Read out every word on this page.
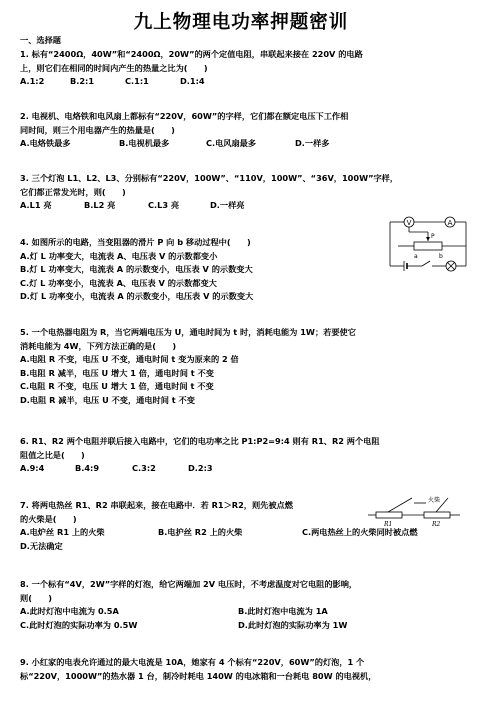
九上物理电功率押题密训
一、选择题
1. 标有“2400Ω，40W”和“2400Ω，20W”的两个定值电阻，串联起来接在 220V 的电路
上，则它们在相同的时间内产生的热量之比为(　　)
A.1:2	B.2:1	C.1:1	D.1:4
2. 电视机、电烙铁和电风扇上都标有“220V，60W”的字样，它们都在额定电压下工作相
同时间，则三个用电器产生的热量是(　　)
A.电烙铁最多	B.电视机最多	C.电风扇最多	D.一样多
3. 三个灯泡 L1、L2、L3、分别标有“220V，100W”、“110V，100W”、“36V，100W”字样，
它们都正常发光时，则(　　)
A.L1 亮	B.L2 亮	C.L3 亮	D.一样亮
4. 如图所示的电路，当变阻器的滑片 P 向 b 移动过程中(　　)
A.灯 L 功率变大，电流表 A、电压表 V 的示数都变小
B.灯 L 功率变大，电流表 A 的示数变小，电压表 V 的示数变大
C.灯 L 功率变小，电流表 A、电压表 V 的示数都变大
D.灯 L 功率变小，电流表 A 的示数变小，电压表 V 的示数变大
V	A
P
a	b
5. 一个电热器电阻为 R，当它两端电压为 U，通电时间为 t 时，消耗电能为 1W；若要使它
消耗电能为 4W，下列方法正确的是(　　)
A.电阻 R 不变，电压 U 不变，通电时间 t 变为原来的 2 倍
B.电阻 R 减半，电压 U 增大 1 倍，通电时间 t 不变
C.电阻 R 不变，电压 U 增大 1 倍，通电时间 t 不变
D.电阻 R 减半，电压 U 不变，通电时间 t 不变
6. R1、R2 两个电阻并联后接入电路中，它们的电功率之比 P1:P2=9:4 则有 R1、R2 两个电阻
阻值之比是(　　)
A.9:4	B.4:9	C.3:2	D.2:3
7. 将两电热丝 R1、R2 串联起来，接在电路中．若 R1＞R2，则先被点燃
的火柴是(　　)
A.电炉丝 R1 上的火柴	B.电护丝 R2 上的火柴	C.两电热丝上的火柴同时被点燃
D.无法确定
火柴
R1	R2
8. 一个标有“4V，2W”字样的灯泡，给它两端加 2V 电压时，不考虑温度对它电阻的影响，
则(　　)
A.此时灯泡中电流为 0.5A	B.此时灯泡中电流为 1A
C.此时灯泡的实际功率为 0.5W	D.此时灯泡的实际功率为 1W
9. 小红家的电表允许通过的最大电流是 10A，她家有 4 个标有“220V，60W”的灯泡，1 个
标“220V，1000W”的热水器 1 台，制冷时耗电 140W 的电冰箱和一台耗电 80W 的电视机，
